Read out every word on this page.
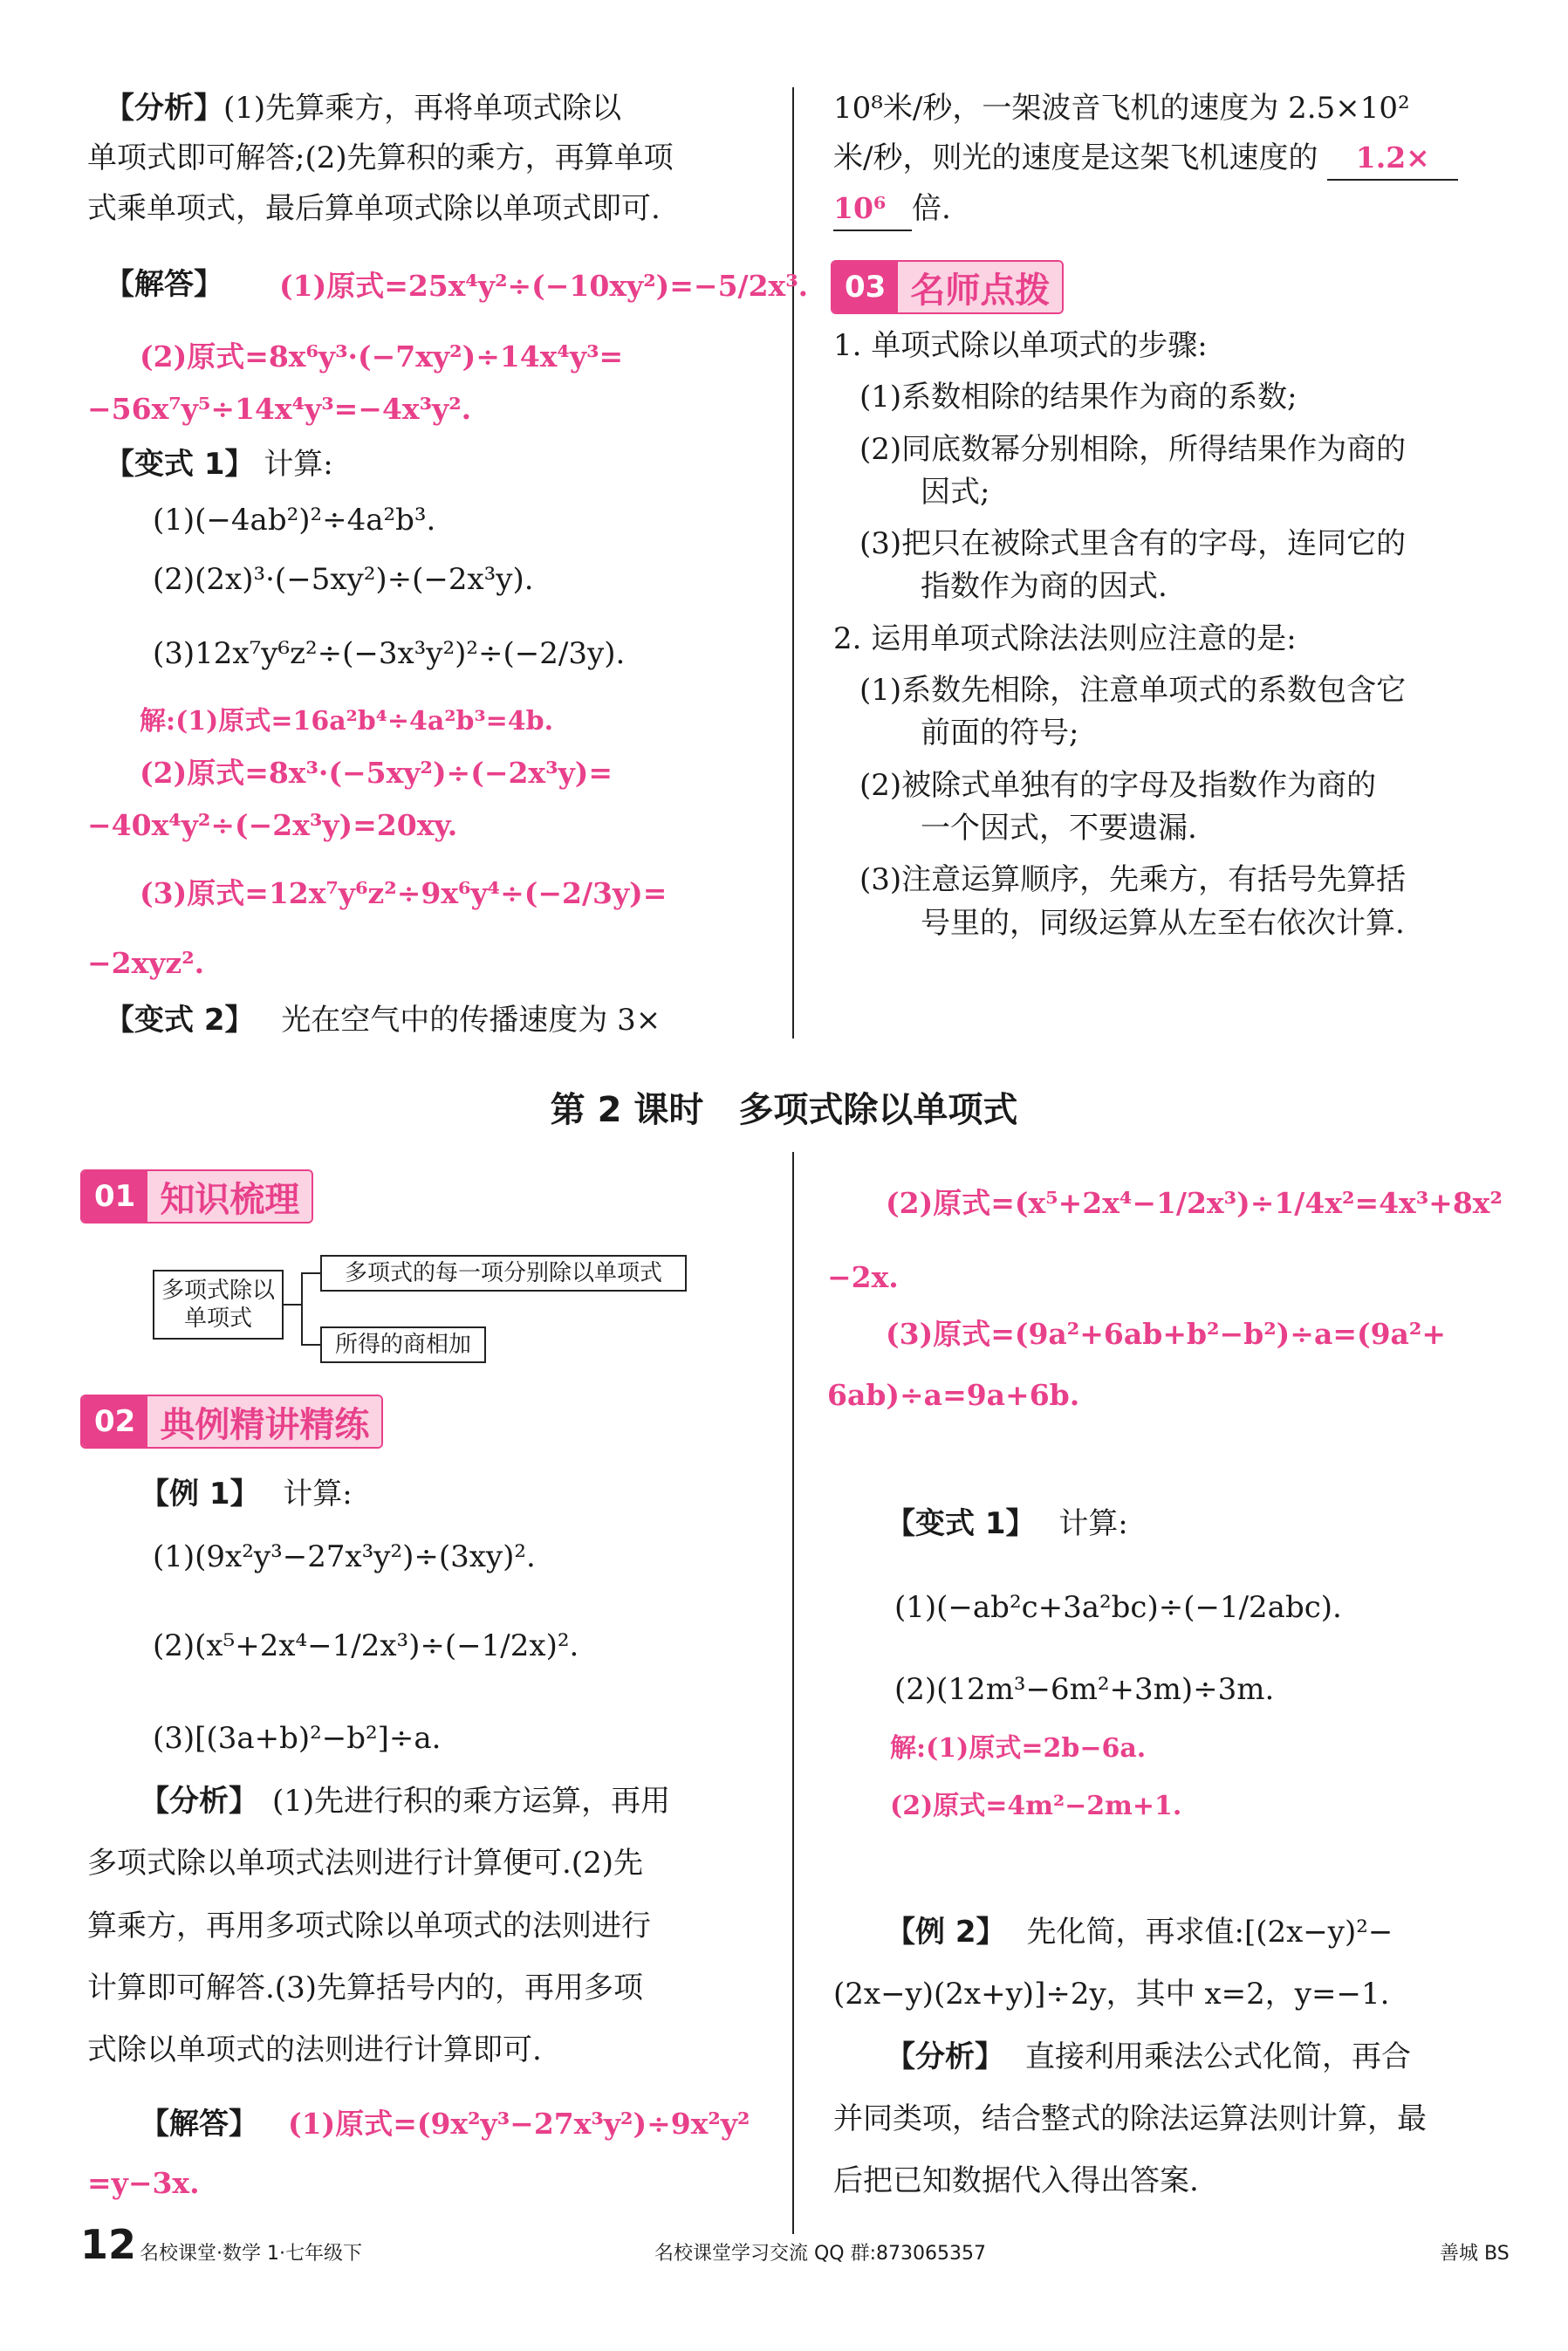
【分析】(1)先算乘方，再将单项式除以
单项式即可解答;(2)先算积的乘方，再算单项
式乘单项式，最后算单项式除以单项式即可.
【解答】 (1)原式=25x⁴y²÷(−10xy²)=−5/2x³.
(2)原式=8x⁶y³·(−7xy²)÷14x⁴y³=
−56x⁷y⁵÷14x⁴y³=−4x³y².
【变式 1】 计算:
(1)(−4ab²)²÷4a²b³.
(2)(2x)³·(−5xy²)÷(−2x³y).
(3)12x⁷y⁶z²÷(−3x³y²)²÷(−2/3y).
解:(1)原式=16a²b⁴÷4a²b³=4b.
(2)原式=8x³·(−5xy²)÷(−2x³y)=
−40x⁴y²÷(−2x³y)=20xy.
(3)原式=12x⁷y⁶z²÷9x⁶y⁴÷(−2/3y)=
−2xyz².
【变式 2】 光在空气中的传播速度为 3×
10⁸米/秒，一架波音飞机的速度为 2.5×10²
米/秒，则光的速度是这架飞机速度的 1.2×
10⁶ 倍.
03 名师点拨
1. 单项式除以单项式的步骤:
(1)系数相除的结果作为商的系数;
(2)同底数幂分别相除，所得结果作为商的
因式;
(3)把只在被除式里含有的字母，连同它的
指数作为商的因式.
2. 运用单项式除法法则应注意的是:
(1)系数先相除，注意单项式的系数包含它
前面的符号;
(2)被除式单独有的字母及指数作为商的
一个因式，不要遗漏.
(3)注意运算顺序，先乘方，有括号先算括
号里的，同级运算从左至右依次计算.
第 2 课时　多项式除以单项式
01 知识梳理
多项式除以单项式
多项式的每一项分别除以单项式
所得的商相加
02 典例精讲精练
【例 1】 计算:
(1)(9x²y³−27x³y²)÷(3xy)².
(2)(x⁵+2x⁴−1/2x³)÷(−1/2x)².
(3)[(3a+b)²−b²]÷a.
【分析】 (1)先进行积的乘方运算，再用
多项式除以单项式法则进行计算便可.(2)先
算乘方，再用多项式除以单项式的法则进行
计算即可解答.(3)先算括号内的，再用多项
式除以单项式的法则进行计算即可.
【解答】 (1)原式=(9x²y³−27x³y²)÷9x²y²
=y−3x.
(2)原式=(x⁵+2x⁴−1/2x³)÷1/4x²=4x³+8x²
−2x.
(3)原式=(9a²+6ab+b²−b²)÷a=(9a²+
6ab)÷a=9a+6b.
【变式 1】 计算:
(1)(−ab²c+3a²bc)÷(−1/2abc).
(2)(12m³−6m²+3m)÷3m.
解:(1)原式=2b−6a.
(2)原式=4m²−2m+1.
【例 2】 先化简，再求值:[(2x−y)²−
(2x−y)(2x+y)]÷2y，其中 x=2，y=−1.
【分析】 直接利用乘法公式化简，再合
并同类项，结合整式的除法运算法则计算，最
后把已知数据代入得出答案.
12 名校课堂·数学 1·七年级下	名校课堂学习交流 QQ 群:873065357	善城 BS
